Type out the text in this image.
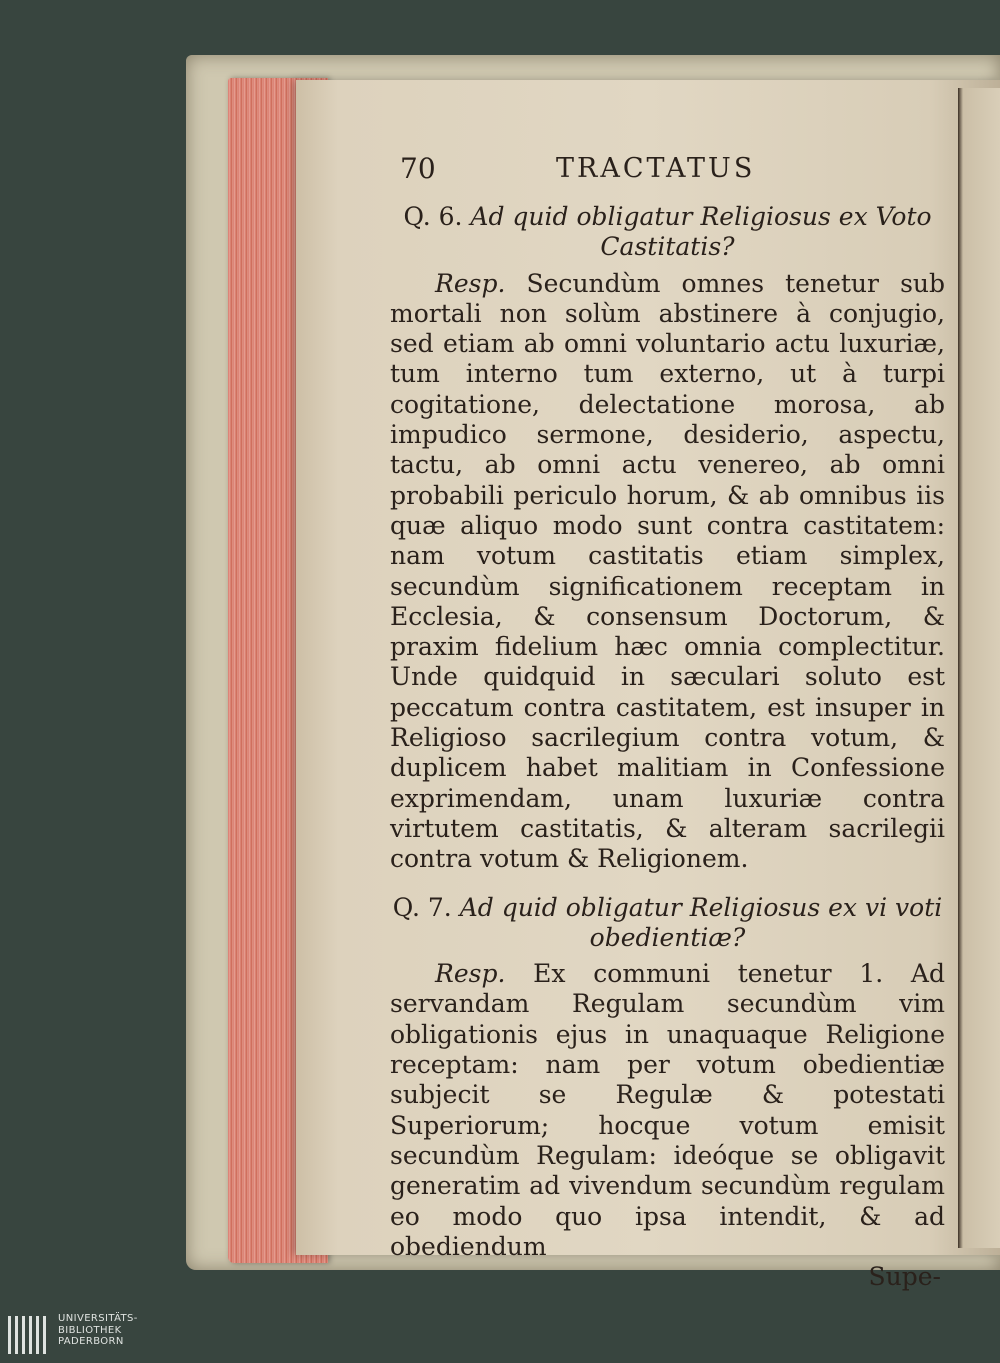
70	TRACTATUS

Q. 6. Ad quid obligatur Religiosus ex Voto

Castitatis?

Resp. Secundùm omnes tenetur sub mortali non solùm abstinere à conjugio, sed etiam ab omni voluntario actu luxuriæ, tum interno tum externo, ut à turpi cogitatione, delectatione morosa, ab impudico sermone, desiderio, aspectu, tactu, ab omni actu venereo, ab omni probabili periculo horum, & ab omnibus iis quæ aliquo modo sunt contra castitatem: nam votum castitatis etiam simplex, secundùm significationem receptam in Ecclesia, & consensum Doctorum, & praxim fidelium hæc omnia complectitur. Unde quidquid in sæculari soluto est peccatum contra castitatem, est insuper in Religioso sacrilegium contra votum, & duplicem habet malitiam in Confessione exprimendam, unam luxuriæ contra virtutem castitatis, & alteram sacrilegii contra votum & Religionem.

Q. 7. Ad quid obligatur Religiosus ex vi voti

obedientiæ?

Resp. Ex communi tenetur 1. Ad servandam Regulam secundùm vim obligationis ejus in unaquaque Religione receptam: nam per votum obedientiæ subjecit se Regulæ & potestati Superiorum; hocque votum emisit secundùm Regulam: ideóque se obligavit generatim ad vivendum secundùm regulam eo modo quo ipsa intendit, & ad obediendum

Supe-

UNIVERSITÄTS-
BIBLIOTHEK
PADERBORN
